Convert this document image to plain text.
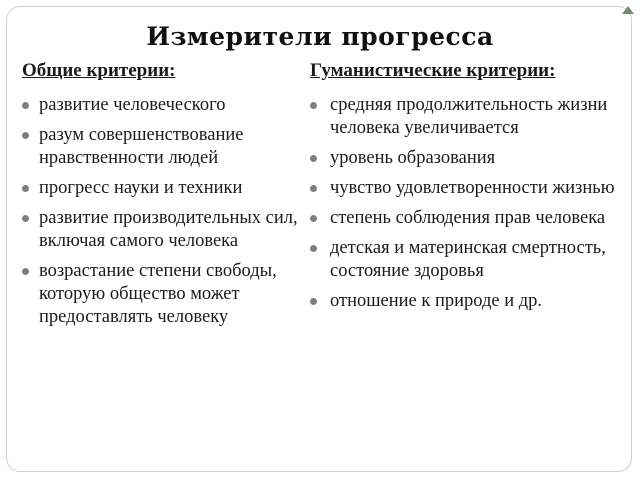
Измерители прогресса
Общие критерии:
развитие человеческого
разум совершенствование нравственности людей
прогресс науки и техники
развитие производительных сил, включая самого человека
возрастание степени свободы, которую общество может предоставлять человеку
Гуманистические критерии:
средняя продолжительность жизни человека увеличивается
уровень образования
чувство удовлетворенности жизнью
степень соблюдения прав человека
детская и материнская смертность, состояние здоровья
отношение к природе и др.
